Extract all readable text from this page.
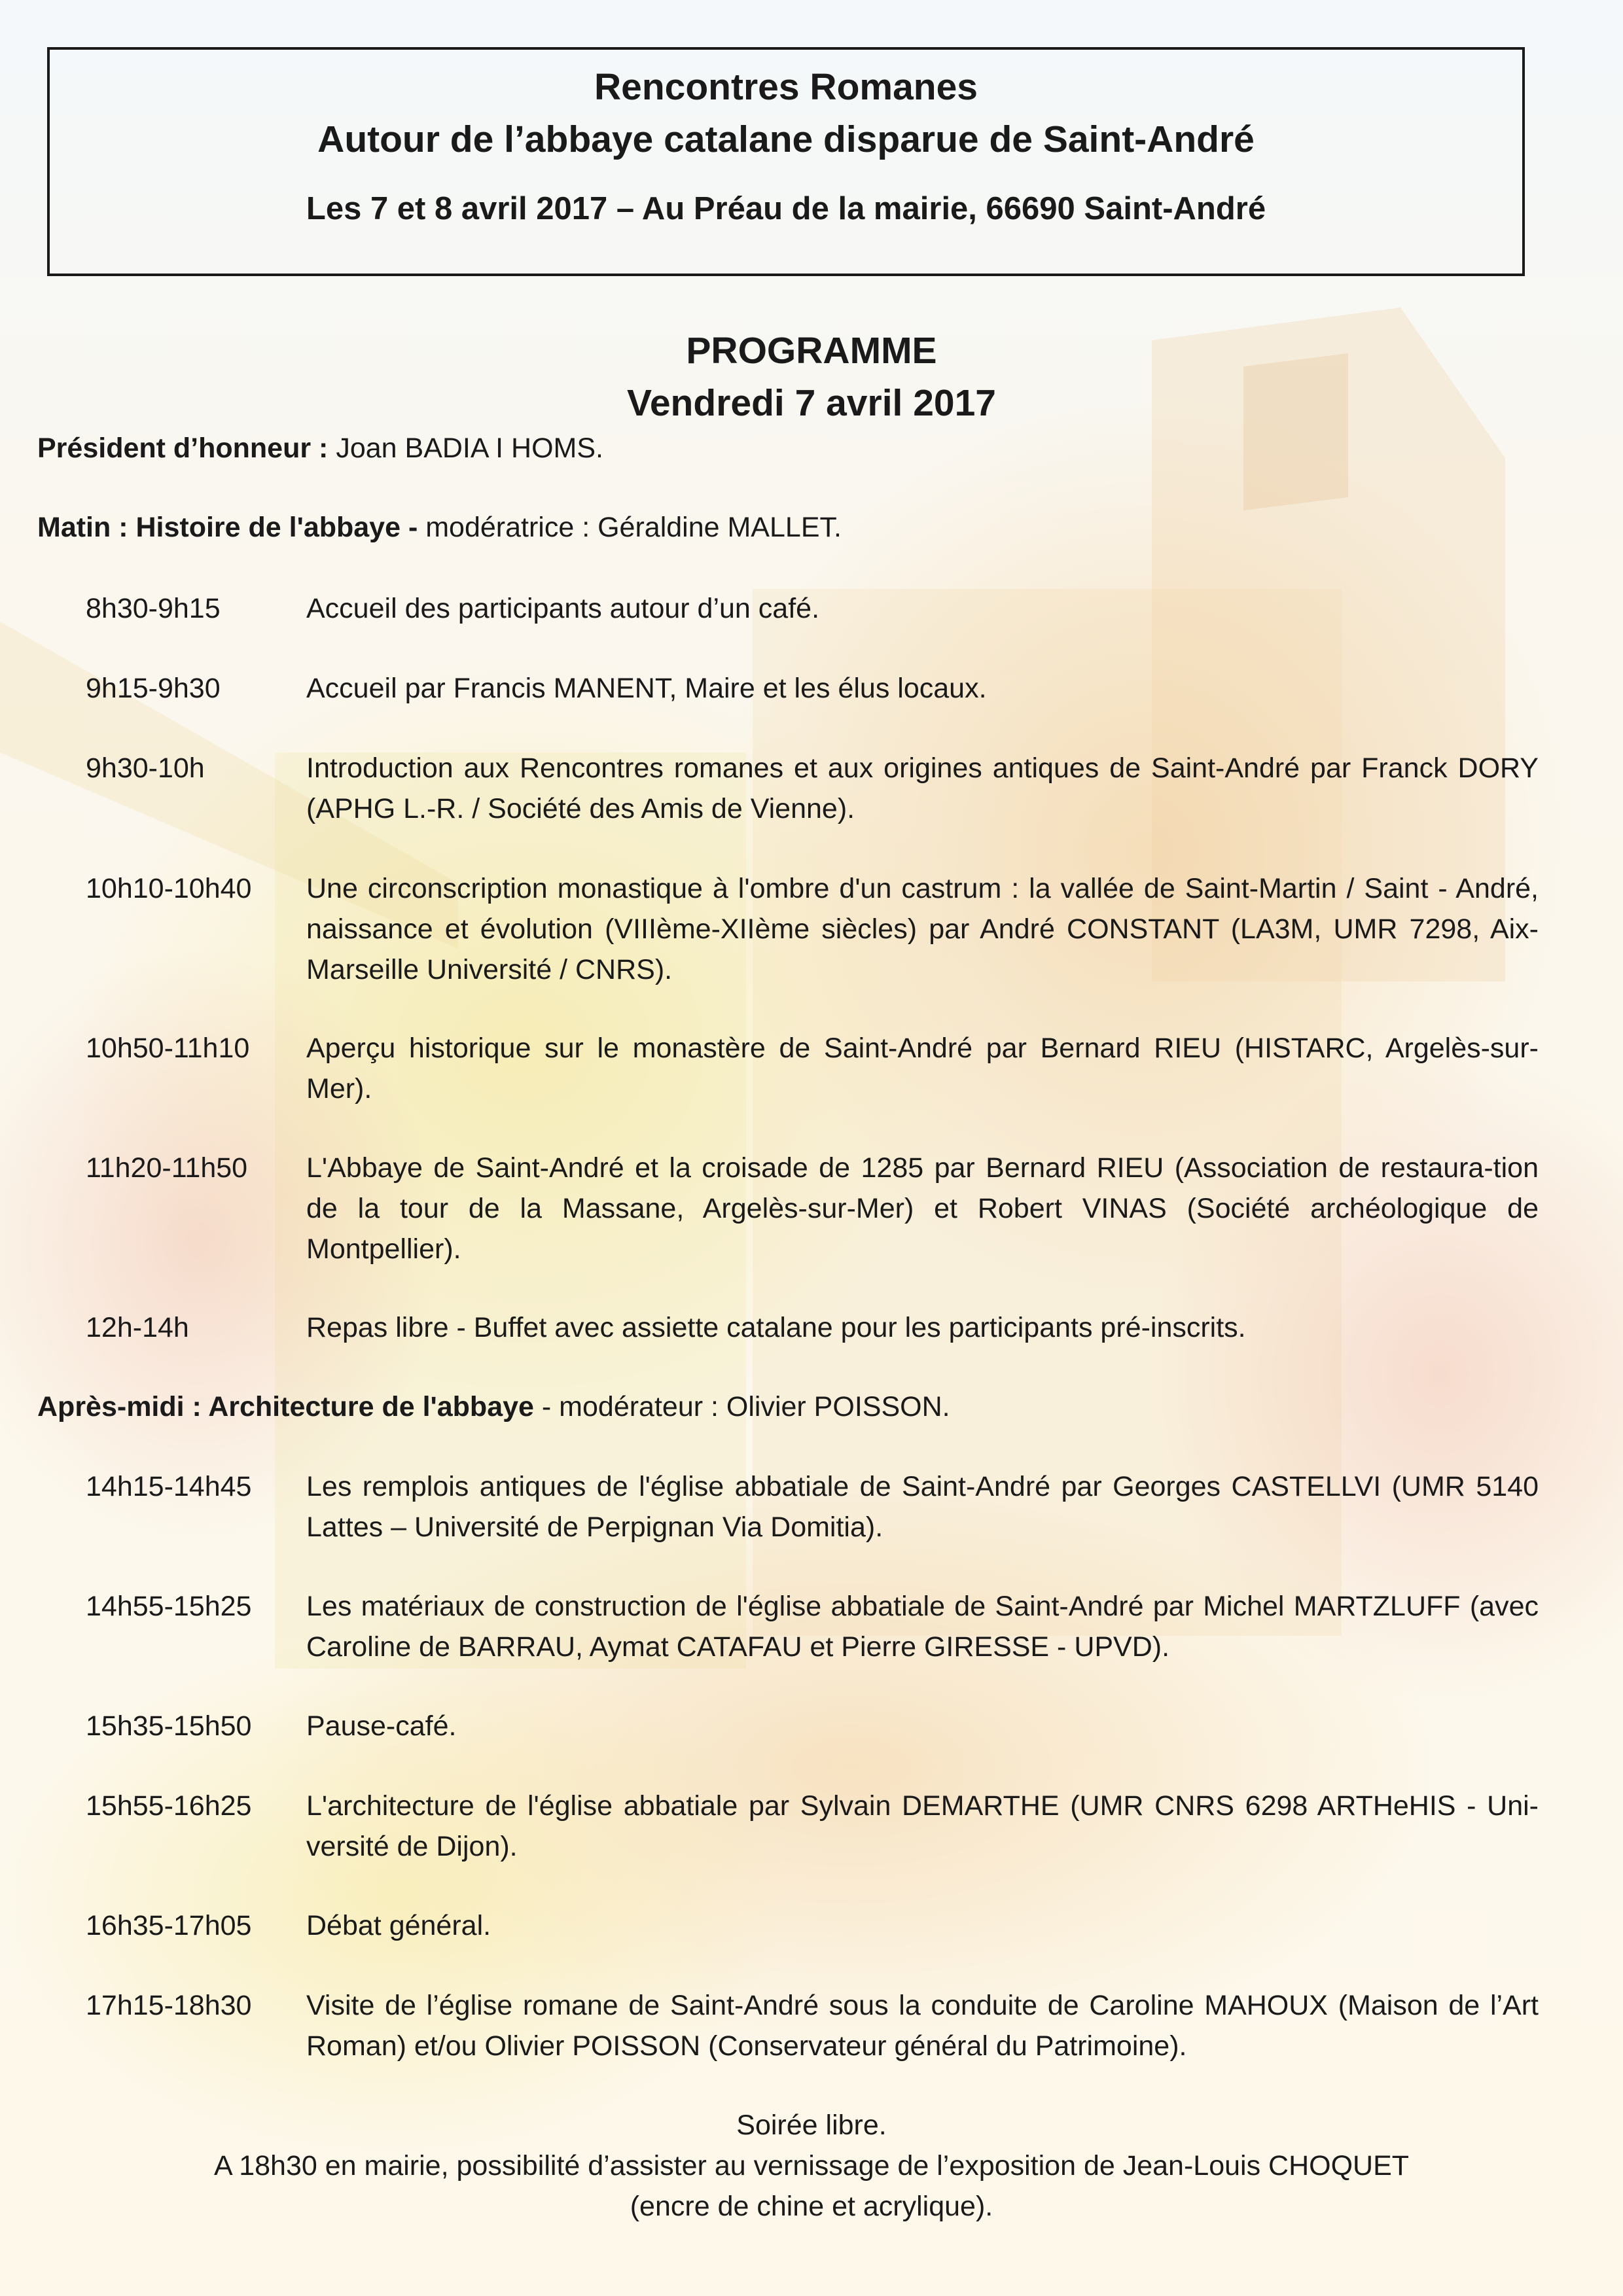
Rencontres Romanes
Autour de l’abbaye catalane disparue de Saint-André
Les 7 et 8 avril 2017 – Au Préau de la mairie, 66690 Saint-André
PROGRAMME
Vendredi 7 avril 2017
Président d’honneur : Joan BADIA I HOMS.
Matin : Histoire de l'abbaye - modératrice : Géraldine MALLET.
8h30-9h15	Accueil des participants autour d’un café.
9h15-9h30	Accueil par Francis MANENT, Maire et les élus locaux.
9h30-10h	Introduction aux Rencontres romanes et aux origines antiques de Saint-André par Franck DORY (APHG L.-R. / Société des Amis de Vienne).
10h10-10h40 Une circonscription monastique à l'ombre d'un castrum : la vallée de Saint-Martin / Saint - André, naissance et évolution (VIIIème-XIIème siècles) par André CONSTANT (LA3M, UMR 7298, Aix-Marseille Université / CNRS).
10h50-11h10 Aperçu historique sur le monastère de Saint-André par Bernard RIEU (HISTARC, Argelès-sur-Mer).
11h20-11h50 L'Abbaye de Saint-André et la croisade de 1285 par Bernard RIEU (Association de restaura-tion de la tour de la Massane, Argelès-sur-Mer) et Robert VINAS (Société archéologique de Montpellier).
12h-14h	Repas libre - Buffet avec assiette catalane pour les participants pré-inscrits.
Après-midi : Architecture de l'abbaye - modérateur : Olivier POISSON.
14h15-14h45 Les remplois antiques de l'église abbatiale de Saint-André par Georges CASTELLVI (UMR 5140 Lattes – Université de Perpignan Via Domitia).
14h55-15h25 Les matériaux de construction de l'église abbatiale de Saint-André par Michel MARTZLUFF (avec Caroline de BARRAU, Aymat CATAFAU et Pierre GIRESSE - UPVD).
15h35-15h50 Pause-café.
15h55-16h25 L'architecture de l'église abbatiale par Sylvain DEMARTHE (UMR CNRS 6298 ARTHeHIS - Uni-versité de Dijon).
16h35-17h05 Débat général.
17h15-18h30 Visite de l’église romane de Saint-André sous la conduite de Caroline MAHOUX (Maison de l’Art Roman) et/ou Olivier POISSON (Conservateur général du Patrimoine).
Soirée libre.
A 18h30 en mairie, possibilité d’assister au vernissage de l’exposition de Jean-Louis CHOQUET
(encre de chine et acrylique).
